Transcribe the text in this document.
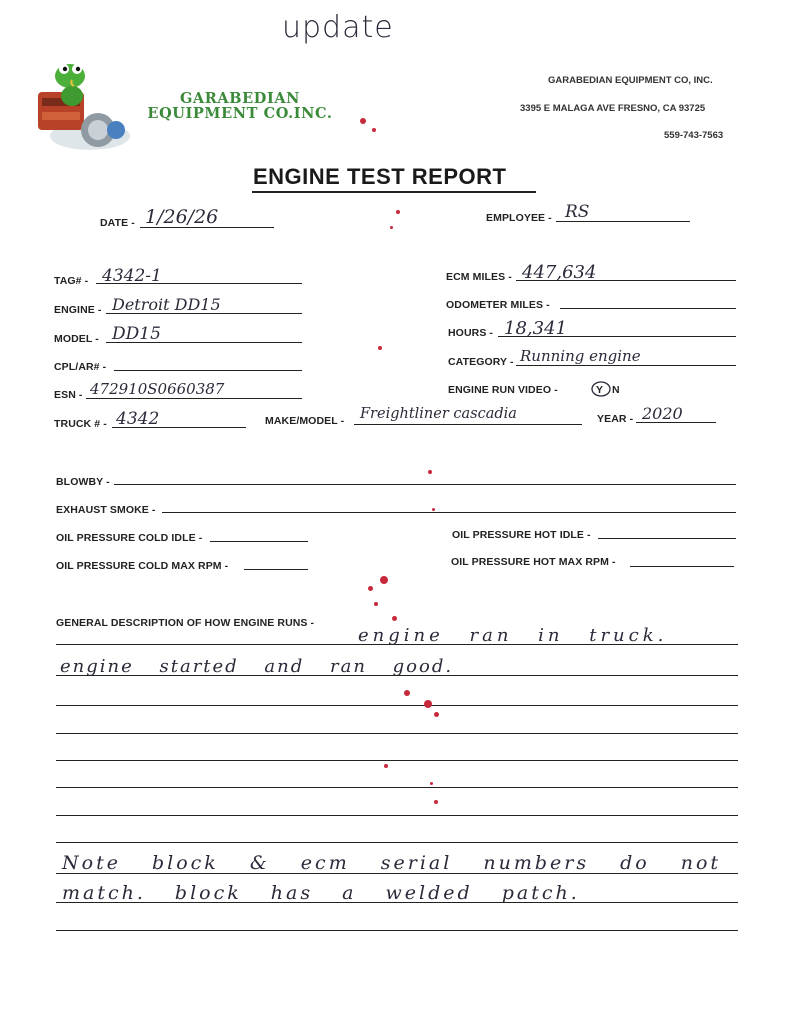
update
GARABEDIAN
EQUIPMENT CO.INC.
GARABEDIAN EQUIPMENT CO, INC.
3395 E MALAGA AVE FRESNO, CA 93725
559-743-7563
ENGINE TEST REPORT
DATE - 1/26/26	EMPLOYEE - RS
TAG# - 4342-1	ECM MILES - 447,634
ENGINE - Detroit DD15	ODOMETER MILES -
MODEL - DD15	HOURS - 18,341
CPL/AR# -	CATEGORY - Running engine
ESN - 472910S0660387	ENGINE RUN VIDEO -	Y N
TRUCK # - 4342	MAKE/MODEL - Freightliner cascadia	YEAR - 2020
BLOWBY -
EXHAUST SMOKE -
OIL PRESSURE COLD IDLE -	OIL PRESSURE HOT IDLE -
OIL PRESSURE COLD MAX RPM -	OIL PRESSURE HOT MAX RPM -
GENERAL DESCRIPTION OF HOW ENGINE RUNS -
engine ran in truck.
engine started and ran good.
Note block & ecm serial numbers do not
match. block has a welded patch.
